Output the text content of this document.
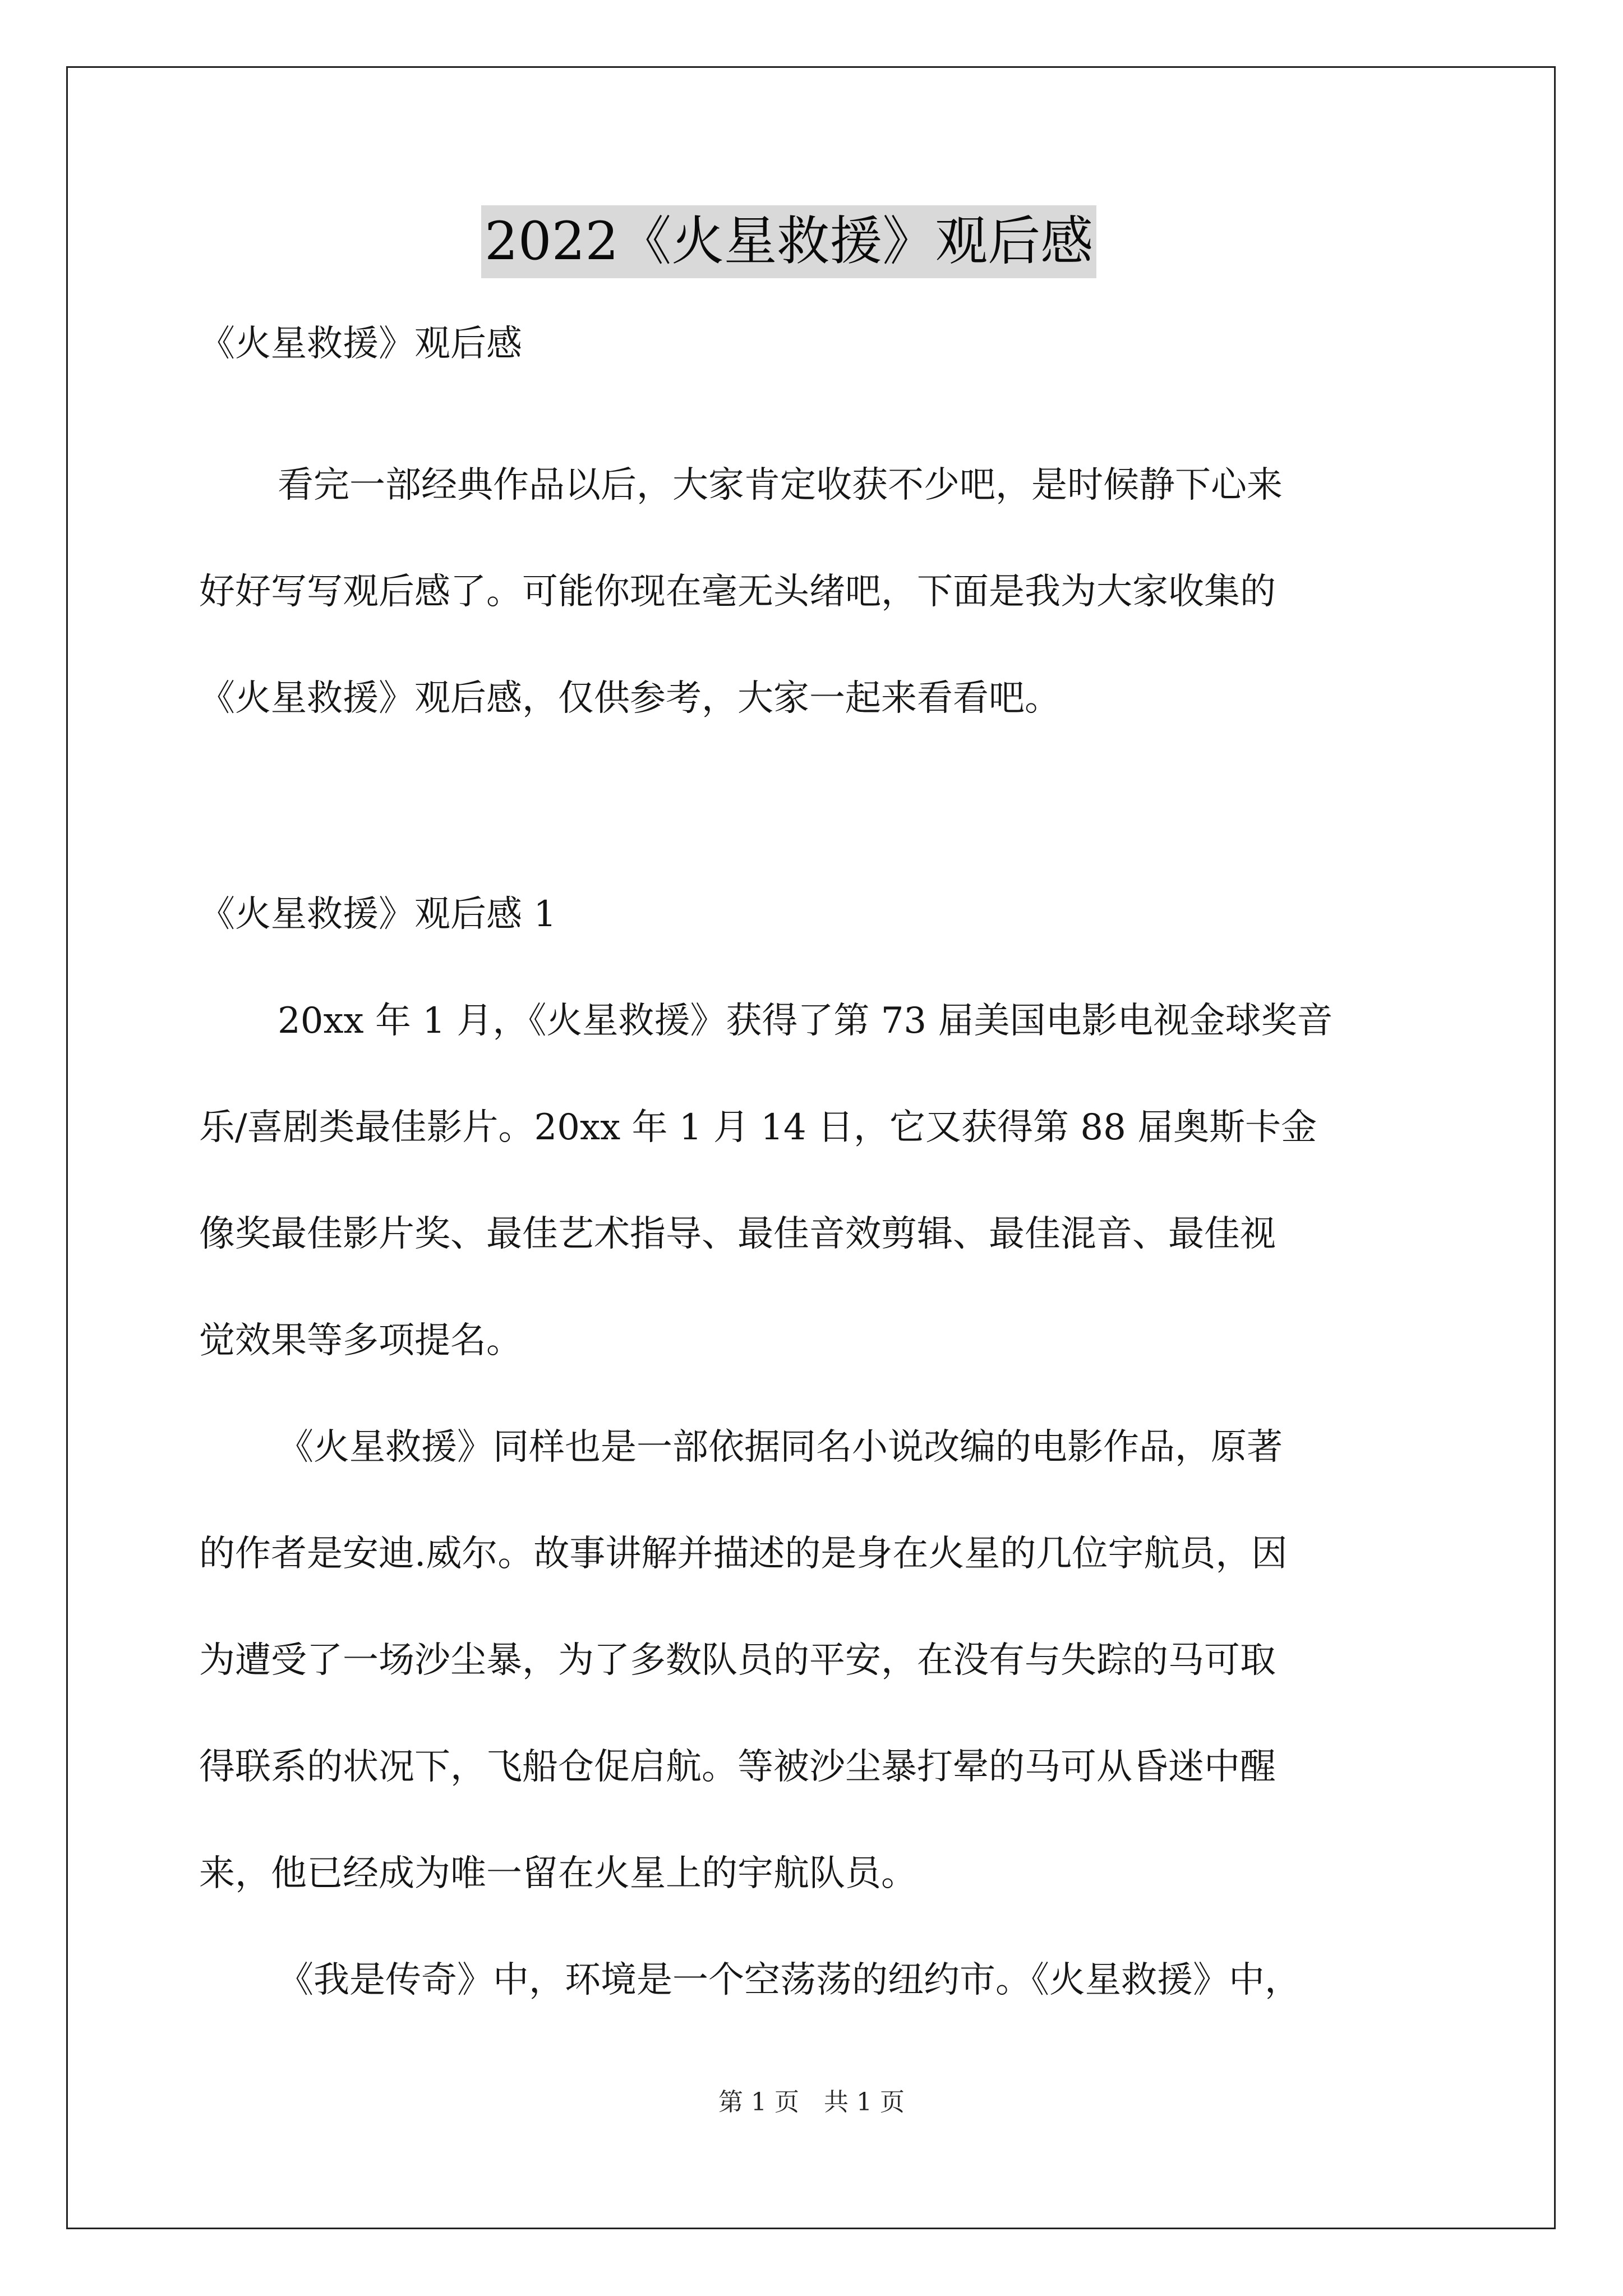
2022《火星救援》观后感
《火星救援》观后感
看完一部经典作品以后，大家肯定收获不少吧，是时候静下心来
好好写写观后感了。可能你现在毫无头绪吧，下面是我为大家收集的
《火星救援》观后感，仅供参考，大家一起来看看吧。
《火星救援》观后感 1
20xx 年 1 月，《火星救援》获得了第 73 届美国电影电视金球奖音
乐/喜剧类最佳影片。20xx 年 1 月 14 日，它又获得第 88 届奥斯卡金
像奖最佳影片奖、最佳艺术指导、最佳音效剪辑、最佳混音、最佳视
觉效果等多项提名。
《火星救援》同样也是一部依据同名小说改编的电影作品，原著
的作者是安迪.威尔。故事讲解并描述的是身在火星的几位宇航员，因
为遭受了一场沙尘暴，为了多数队员的平安，在没有与失踪的马可取
得联系的状况下，飞船仓促启航。等被沙尘暴打晕的马可从昏迷中醒
来，他已经成为唯一留在火星上的宇航队员。
《我是传奇》中，环境是一个空荡荡的纽约市。《火星救援》中，
第 1 页　共 1 页
